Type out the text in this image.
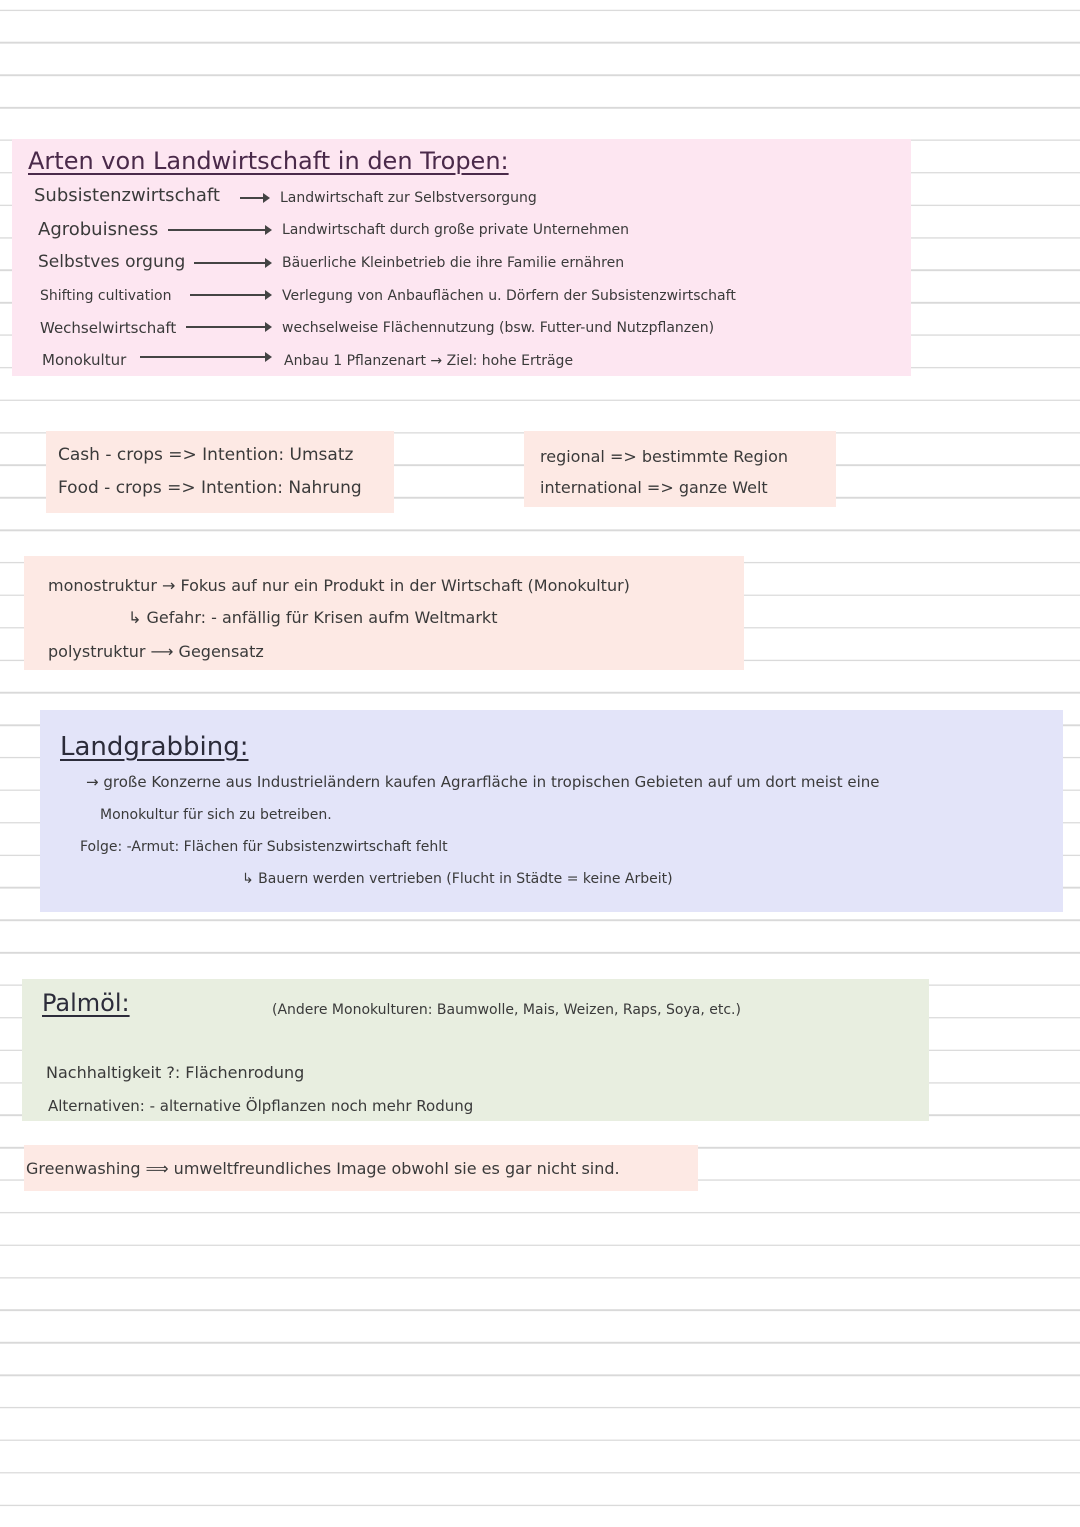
Arten von Landwirtschaft in den Tropen:
Subsistenzwirtschaft	Landwirtschaft zur Selbstversorgung
Agrobuisness	Landwirtschaft durch große private Unternehmen
Selbstves orgung	Bäuerliche Kleinbetrieb die ihre Familie ernähren
Shifting cultivation	Verlegung von Anbauflächen u. Dörfern der Subsistenzwirtschaft
Wechselwirtschaft	wechselweise Flächennutzung (bsw. Futter-und Nutzpflanzen)
Monokultur	Anbau 1 Pflanzenart → Ziel: hohe Erträge
Cash - crops => Intention: Umsatz
Food - crops => Intention: Nahrung
regional => bestimmte Region
international => ganze Welt
monostruktur → Fokus auf nur ein Produkt in der Wirtschaft (Monokultur)
↳ Gefahr: - anfällig für Krisen aufm Weltmarkt
polystruktur ⟶ Gegensatz
Landgrabbing:
→ große Konzerne aus Industrieländern kaufen Agrarfläche in tropischen Gebieten auf um dort meist eine
Monokultur für sich zu betreiben.
Folge: -Armut: Flächen für Subsistenzwirtschaft fehlt
↳ Bauern werden vertrieben (Flucht in Städte = keine Arbeit)
Palmöl:	(Andere Monokulturen: Baumwolle, Mais, Weizen, Raps, Soya, etc.)
Nachhaltigkeit ?: Flächenrodung
Alternativen: - alternative Ölpflanzen noch mehr Rodung
Greenwashing ⟹ umweltfreundliches Image obwohl sie es gar nicht sind.
